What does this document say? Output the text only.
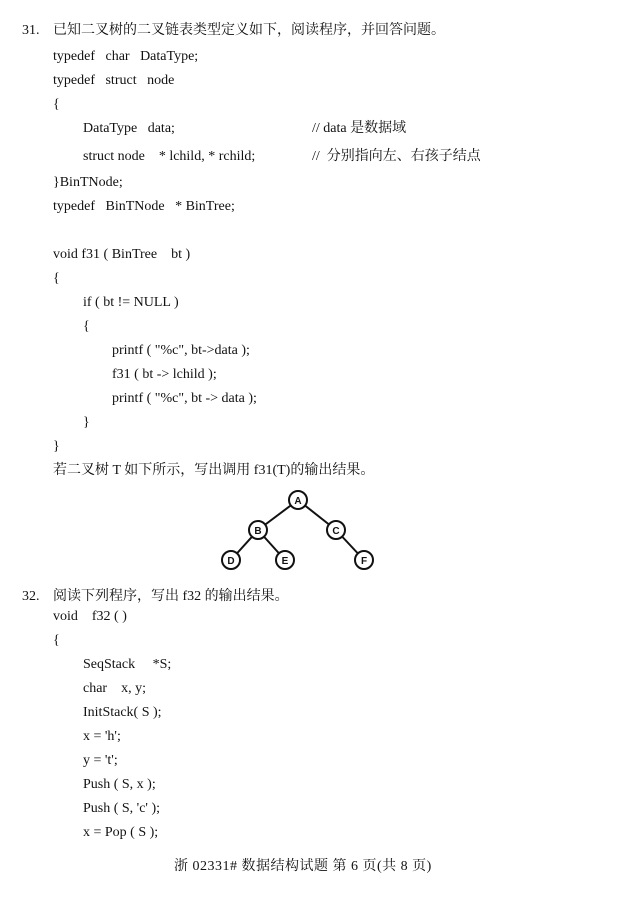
31. 已知二叉树的二叉链表类型定义如下，阅读程序，并回答问题。
typedef   char   DataType;
typedef   struct   node
{
DataType   data;	// data 是数据域
struct node    * lchild, * rchild;	//  分别指向左、右孩子结点
}BinTNode;
typedef   BinTNode   * BinTree;
void f31 ( BinTree    bt )
{
if ( bt != NULL )
{
printf ( "%c", bt->data );
f31 ( bt -> lchild );
printf ( "%c", bt -> data );
}
}
若二叉树 T 如下所示，写出调用 f31(T)的输出结果。
A
B	C
D	E	F
32. 阅读下列程序，写出 f32 的输出结果。
void    f32 ( )
{
SeqStack     *S;
char    x, y;
InitStack( S );
x = 'h';
y = 't';
Push ( S, x );
Push ( S, 'c' );
x = Pop ( S );
浙 02331# 数据结构试题 第 6 页(共 8 页)
